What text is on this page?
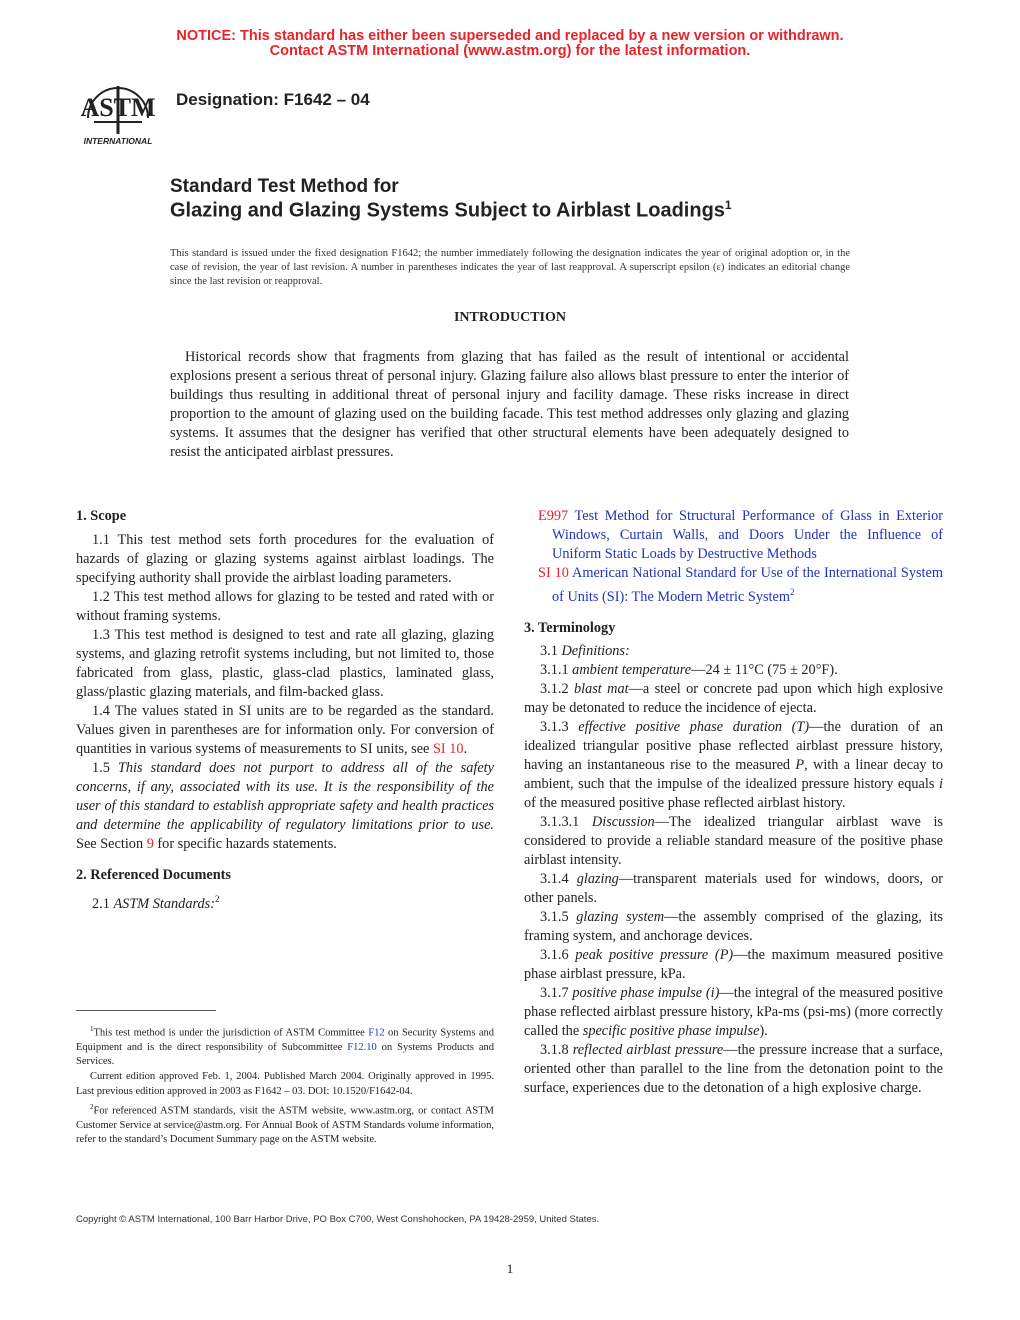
NOTICE: This standard has either been superseded and replaced by a new version or withdrawn.
Contact ASTM International (www.astm.org) for the latest information.
ASTM
INTERNATIONAL
Designation: F1642 – 04
Standard Test Method for
Glazing and Glazing Systems Subject to Airblast Loadings$^1$
This standard is issued under the fixed designation F1642; the number immediately following the designation indicates the year of original adoption or, in the case of revision, the year of last revision. A number in parentheses indicates the year of last reapproval. A superscript epsilon (ε) indicates an editorial change since the last revision or reapproval.
INTRODUCTION
Historical records show that fragments from glazing that has failed as the result of intentional or accidental explosions present a serious threat of personal injury. Glazing failure also allows blast pressure to enter the interior of buildings thus resulting in additional threat of personal injury and facility damage. These risks increase in direct proportion to the amount of glazing used on the building facade. This test method addresses only glazing and glazing systems. It assumes that the designer has verified that other structural elements have been adequately designed to resist the anticipated airblast pressures.

1. Scope

1.1 This test method sets forth procedures for the evaluation of hazards of glazing or glazing systems against airblast loadings. The specifying authority shall provide the airblast loading parameters.

1.2 This test method allows for glazing to be tested and rated with or without framing systems.

1.3 This test method is designed to test and rate all glazing, glazing systems, and glazing retrofit systems including, but not limited to, those fabricated from glass, plastic, glass-clad plastics, laminated glass, glass/plastic glazing materials, and film-backed glass.

1.4 The values stated in SI units are to be regarded as the standard. Values given in parentheses are for information only. For conversion of quantities in various systems of measurements to SI units, see SI 10.

1.5 This standard does not purport to address all of the safety concerns, if any, associated with its use. It is the responsibility of the user of this standard to establish appropriate safety and health practices and determine the applicability of regulatory limitations prior to use. See Section 9 for specific hazards statements.

2. Referenced Documents

2.1 ASTM Standards:$^2$

$^1$This test method is under the jurisdiction of ASTM Committee F12 on Security Systems and Equipment and is the direct responsibility of Subcommittee F12.10 on Systems Products and Services.

Current edition approved Feb. 1, 2004. Published March 2004. Originally approved in 1995. Last previous edition approved in 2003 as F1642 – 03. DOI: 10.1520/F1642-04.

$^2$For referenced ASTM standards, visit the ASTM website, www.astm.org, or contact ASTM Customer Service at service@astm.org. For Annual Book of ASTM Standards volume information, refer to the standard’s Document Summary page on the ASTM website.

E997 Test Method for Structural Performance of Glass in Exterior Windows, Curtain Walls, and Doors Under the Influence of Uniform Static Loads by Destructive Methods

SI 10 American National Standard for Use of the International System of Units (SI): The Modern Metric System$^2$

3. Terminology

3.1 Definitions:

3.1.1 ambient temperature—24 ± 11°C (75 ± 20°F).

3.1.2 blast mat—a steel or concrete pad upon which high explosive may be detonated to reduce the incidence of ejecta.

3.1.3 effective positive phase duration (T)—the duration of an idealized triangular positive phase reflected airblast pressure history, having an instantaneous rise to the measured P, with a linear decay to ambient, such that the impulse of the idealized pressure history equals i of the measured positive phase reflected airblast history.

3.1.3.1 Discussion—The idealized triangular airblast wave is considered to provide a reliable standard measure of the positive phase airblast intensity.

3.1.4 glazing—transparent materials used for windows, doors, or other panels.

3.1.5 glazing system—the assembly comprised of the glazing, its framing system, and anchorage devices.

3.1.6 peak positive pressure (P)—the maximum measured positive phase airblast pressure, kPa.

3.1.7 positive phase impulse (i)—the integral of the measured positive phase reflected airblast pressure history, kPa-ms (psi-ms) (more correctly called the specific positive phase impulse).

3.1.8 reflected airblast pressure—the pressure increase that a surface, oriented other than parallel to the line from the detonation point to the surface, experiences due to the detonation of a high explosive charge.

Copyright © ASTM International, 100 Barr Harbor Drive, PO Box C700, West Conshohocken, PA 19428-2959, United States.
1
